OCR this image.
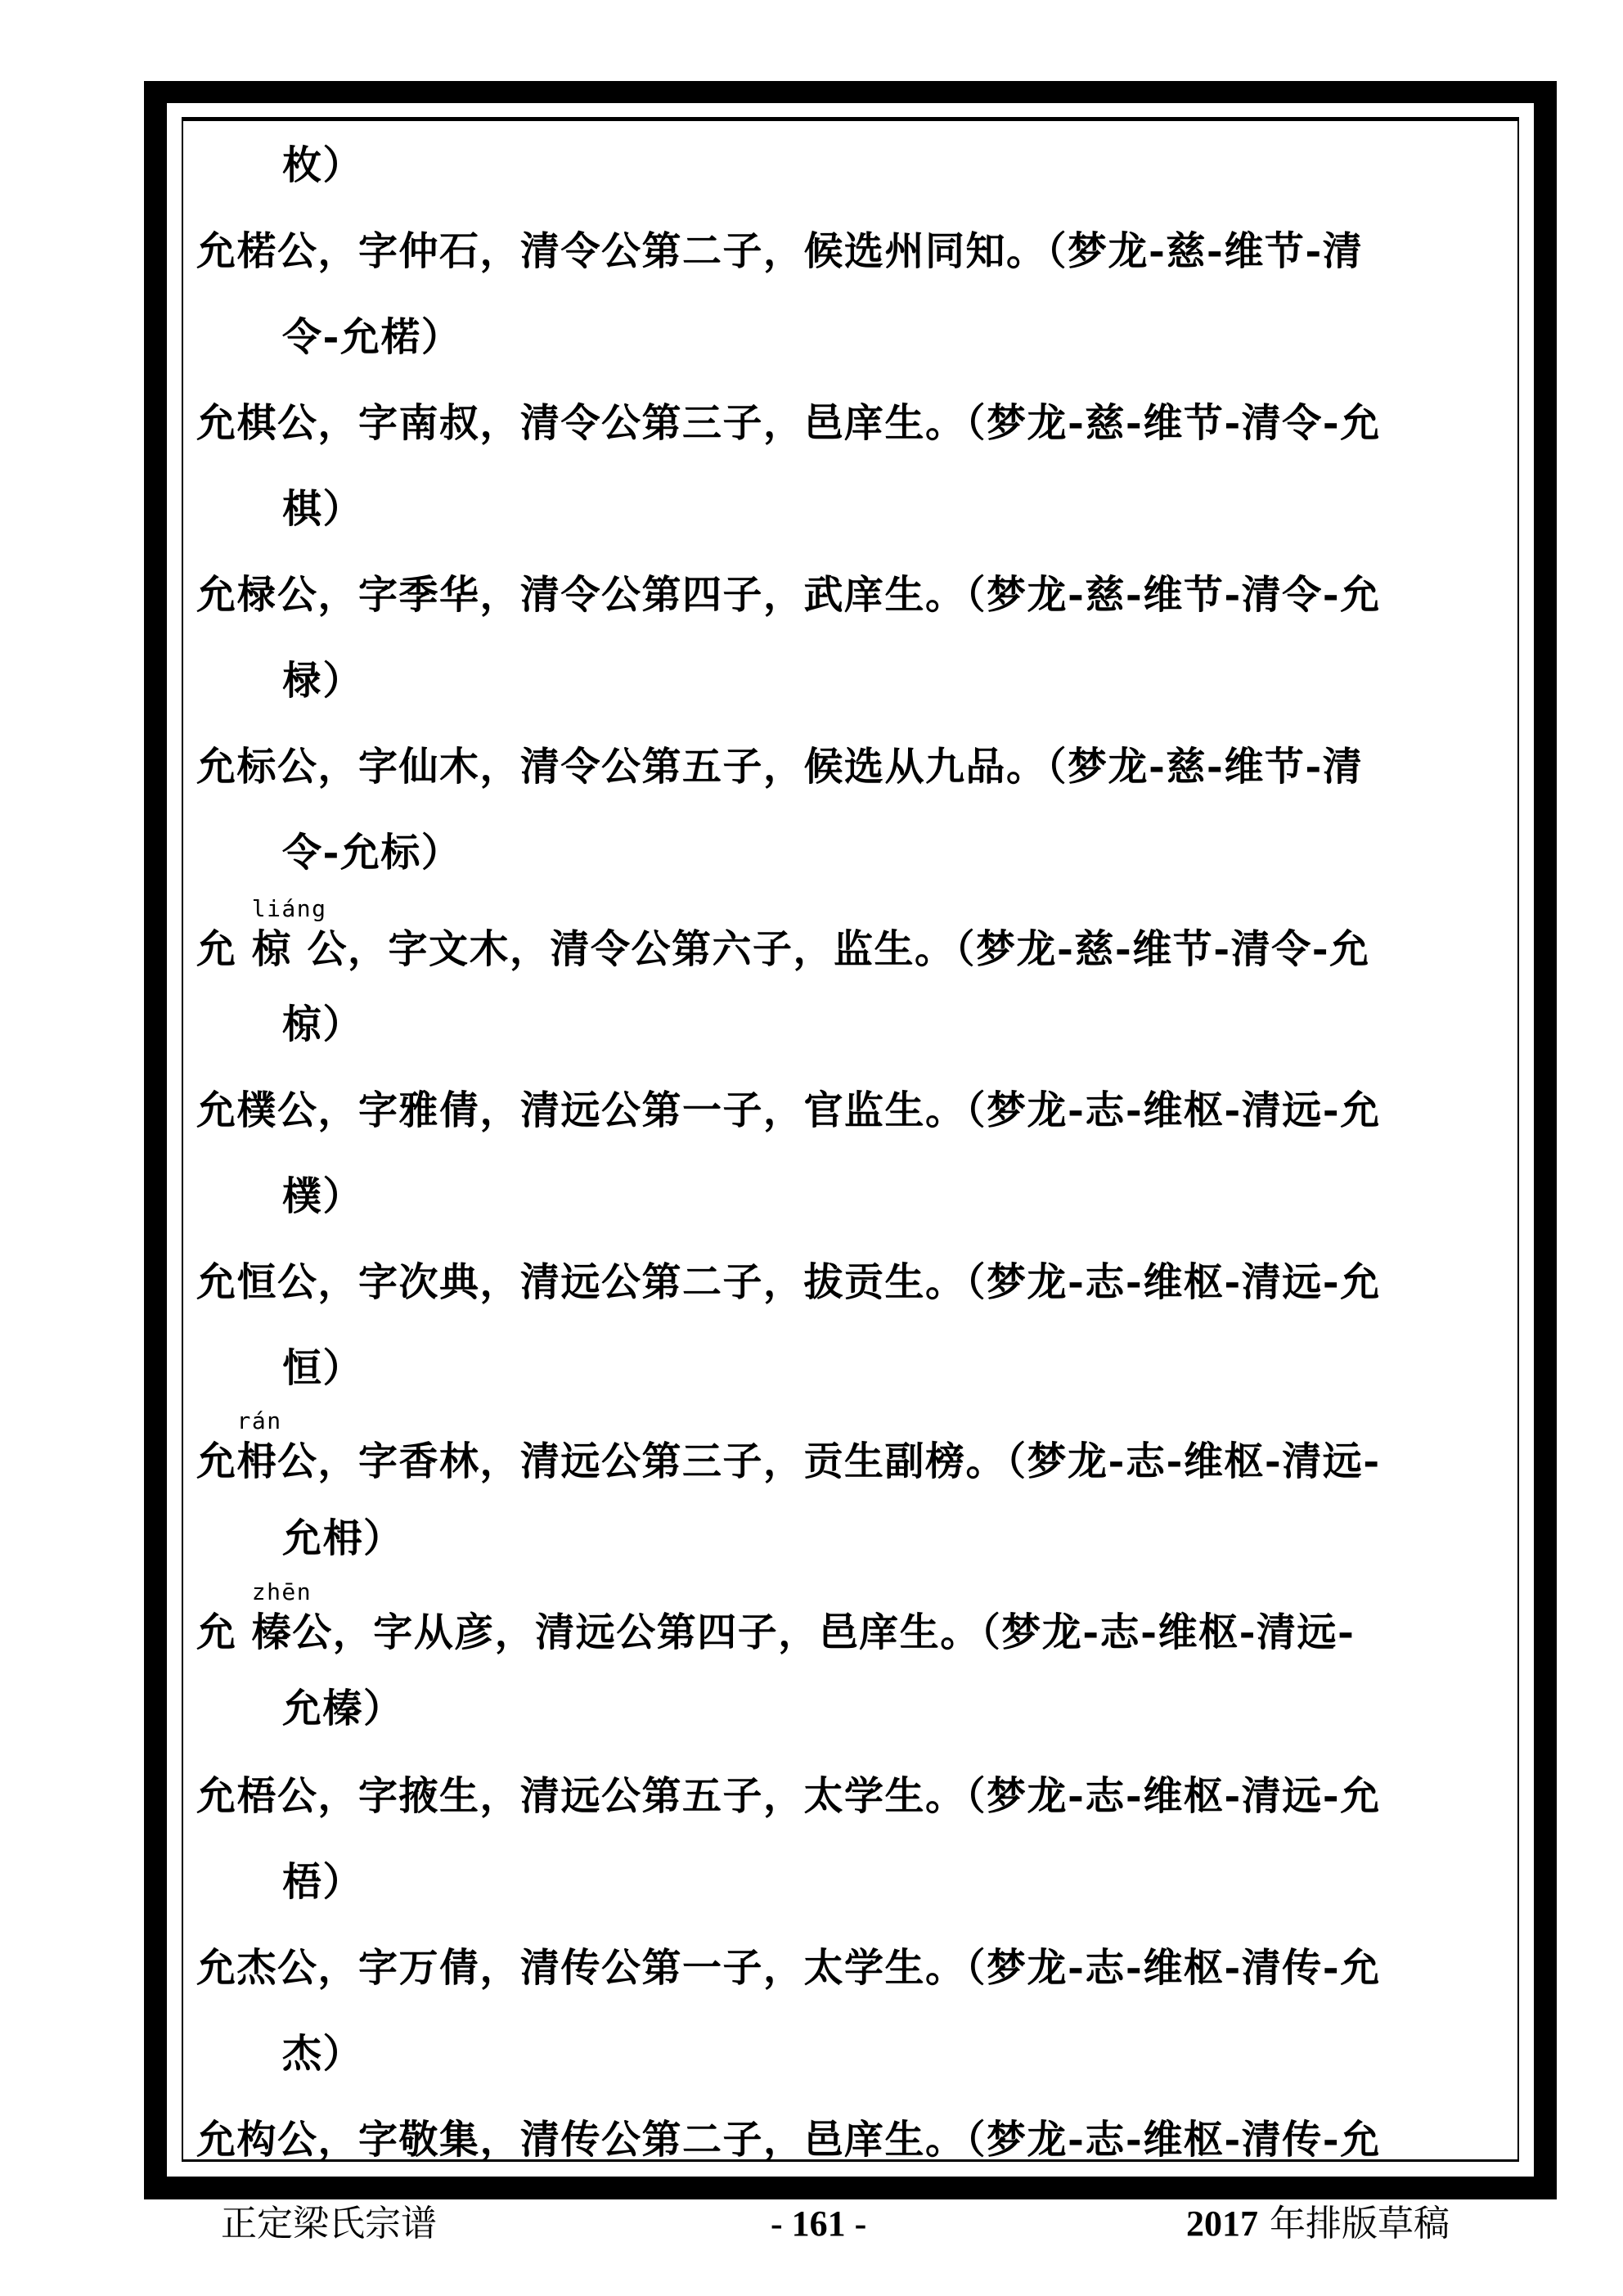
枚）
允楉公，字仲石，清令公第二子，候选州同知。（梦龙-慈-维节-清
令-允楉）
允棋公，字南叔，清令公第三子，邑庠生。（梦龙-慈-维节-清令-允
棋）
允椂公，字季华，清令公第四子，武庠生。（梦龙-慈-维节-清令-允
椂）
允标公，字仙木，清令公第五子，候选从九品。（梦龙-慈-维节-清
令-允标）
允
liáng
椋 公，字文木，清令公第六子，监生。（梦龙-慈-维节-清令-允
椋）
允樸公，字雅倩，清远公第一子，官监生。（梦龙-志-维枢-清远-允
樸）
允恒公，字次典，清远公第二子，拔贡生。（梦龙-志-维枢-清远-允
恒）
允
rán
枏公，字香林，清远公第三子，贡生副榜。（梦龙-志-维枢-清远-
允枏）
允
zhēn
榛公，字从彦，清远公第四子，邑庠生。（梦龙-志-维枢-清远-
允榛）
允梧公，字掖生，清远公第五子，太学生。（梦龙-志-维枢-清远-允
梧）
允杰公，字万倩，清传公第一子，太学生。（梦龙-志-维枢-清传-允
杰）
允构公，字敬集，清传公第二子，邑庠生。（梦龙-志-维枢-清传-允
正定梁氏宗谱	- 161 -	2017 年排版草稿
